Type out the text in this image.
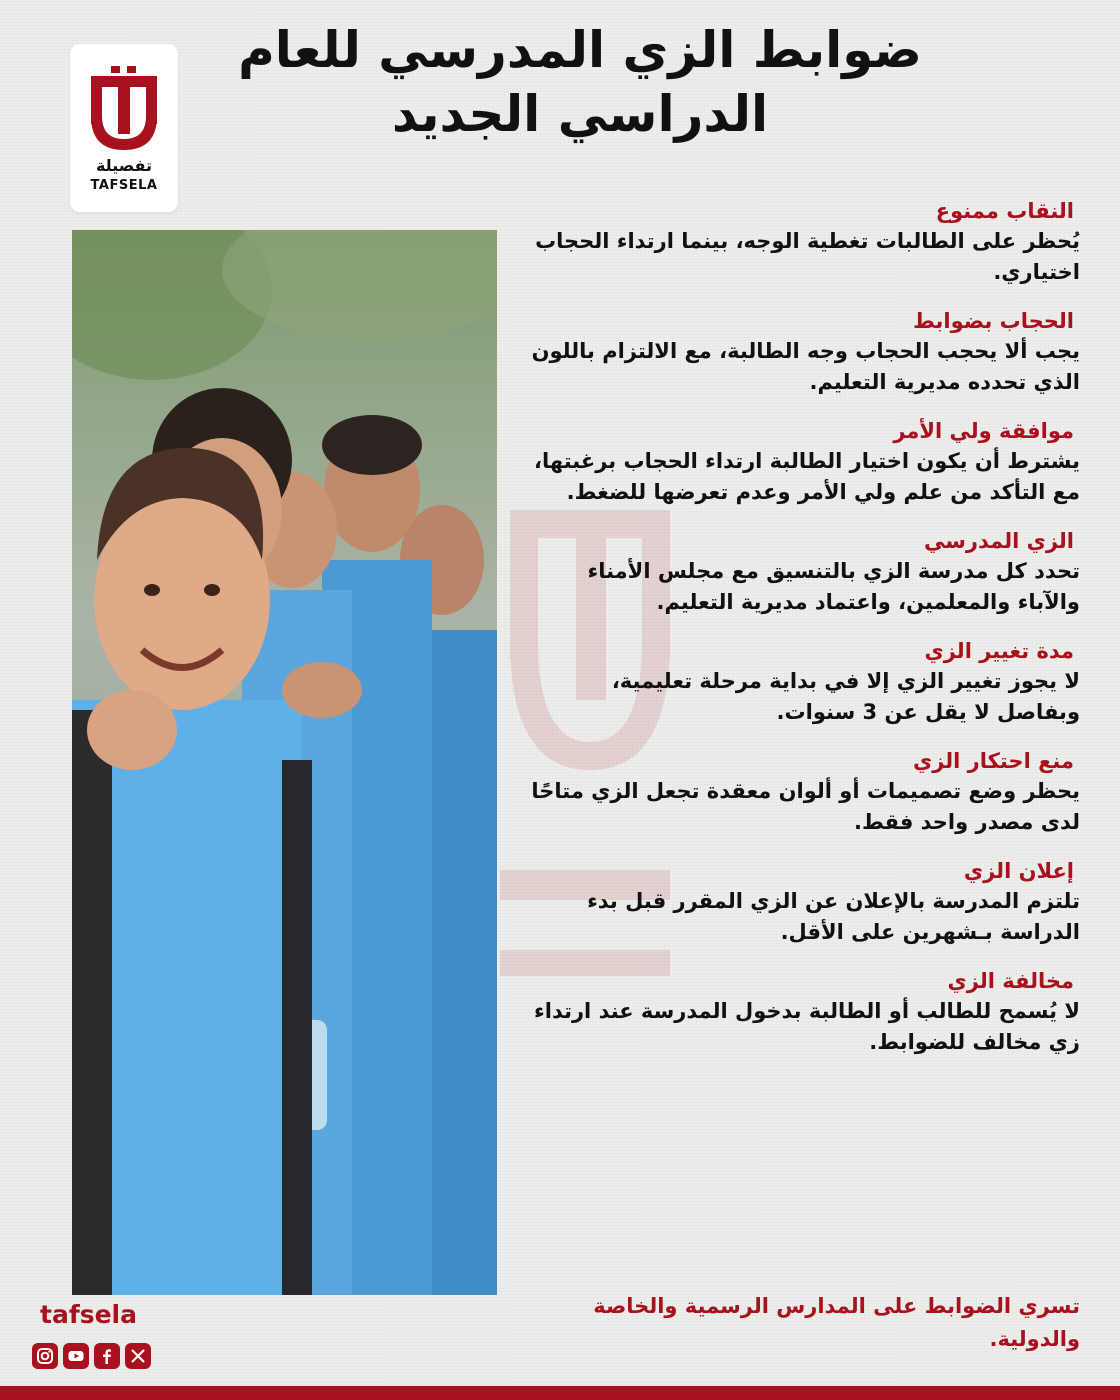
ضوابط الزي المدرسي للعام
الدراسي الجديد
تفصيلة
TAFSELA
النقاب ممنوع
يُحظر على الطالبات تغطية الوجه، بينما ارتداء الحجاب اختياري.
الحجاب بضوابط
يجب ألا يحجب الحجاب وجه الطالبة، مع الالتزام باللون الذي تحدده مديرية التعليم.
موافقة ولي الأمر
يشترط أن يكون اختيار الطالبة ارتداء الحجاب برغبتها، مع التأكد من علم ولي الأمر وعدم تعرضها للضغط.
الزي المدرسي
تحدد كل مدرسة الزي بالتنسيق مع مجلس الأمناء والآباء والمعلمين، واعتماد مديرية التعليم.
مدة تغيير الزي
لا يجوز تغيير الزي إلا في بداية مرحلة تعليمية، وبفاصل لا يقل عن 3 سنوات.
منع احتكار الزي
يحظر وضع تصميمات أو ألوان معقدة تجعل الزي متاحًا لدى مصدر واحد فقط.
إعلان الزي
تلتزم المدرسة بالإعلان عن الزي المقرر قبل بدء الدراسة بـشهرين على الأقل.
مخالفة الزي
لا يُسمح للطالب أو الطالبة بدخول المدرسة عند ارتداء زي مخالف للضوابط.
تسري الضوابط على المدارس الرسمية والخاصة والدولية.
tafsela
